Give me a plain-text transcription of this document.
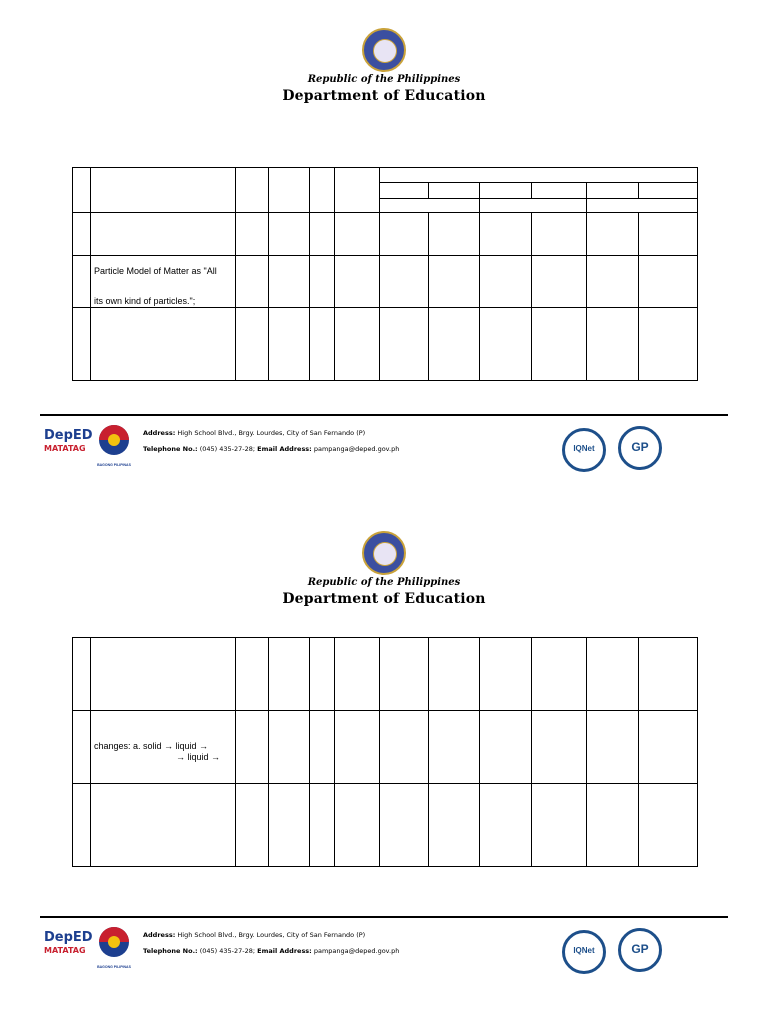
Republic of the Philippines
Department of Education

	Particle Model of Matter as "All
its own kind of particles.";										

DepED
MATATAG
BAGONG PILIPINAS
Address: High School Blvd., Brgy. Lourdes, City of San Fernando (P)
Telephone No.: (045) 435-27-28; Email Address: pampanga@deped.gov.ph	IQNet	GP
Republic of the Philippines
Department of Education

	changes: a. solid → liquid →
→ liquid →										

DepED
MATATAG
BAGONG PILIPINAS
Address: High School Blvd., Brgy. Lourdes, City of San Fernando (P)
Telephone No.: (045) 435-27-28; Email Address: pampanga@deped.gov.ph	IQNet	GP
